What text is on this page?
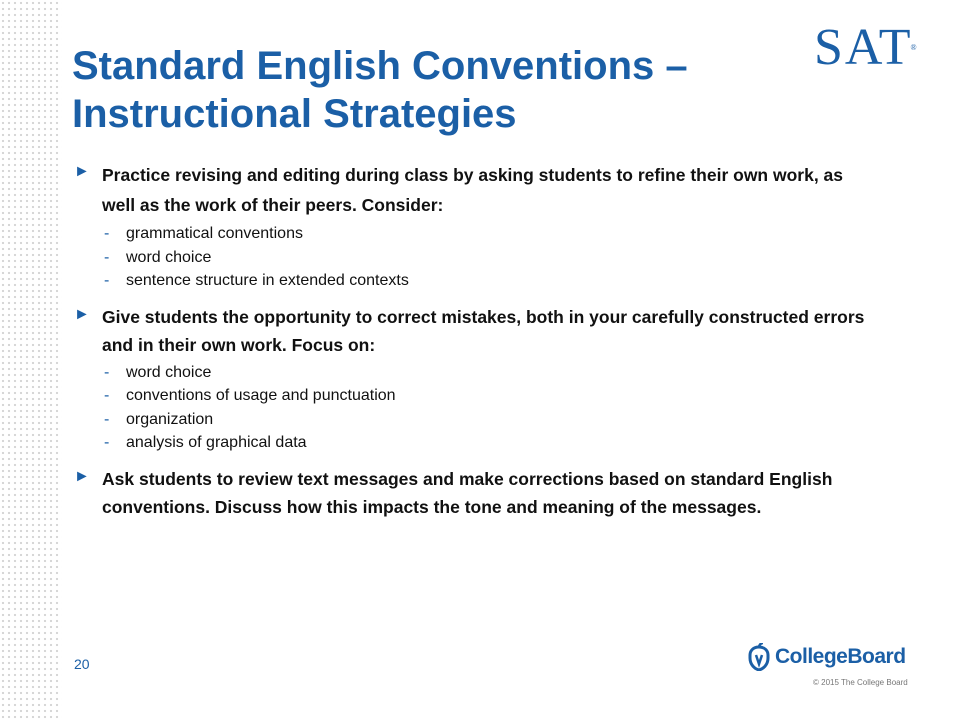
Standard English Conventions – Instructional Strategies
SAT®
► Practice revising and editing during class by asking students to refine their own work, as well as the work of their peers. Consider:
- grammatical conventions
- word choice
- sentence structure in extended contexts
► Give students the opportunity to correct mistakes, both in your carefully constructed errors and in their own work. Focus on:
- word choice
- conventions of usage and punctuation
- organization
- analysis of graphical data
► Ask students to review text messages and make corrections based on standard English conventions. Discuss how this impacts the tone and meaning of the messages.
20	CollegeBoard
© 2015 The College Board
